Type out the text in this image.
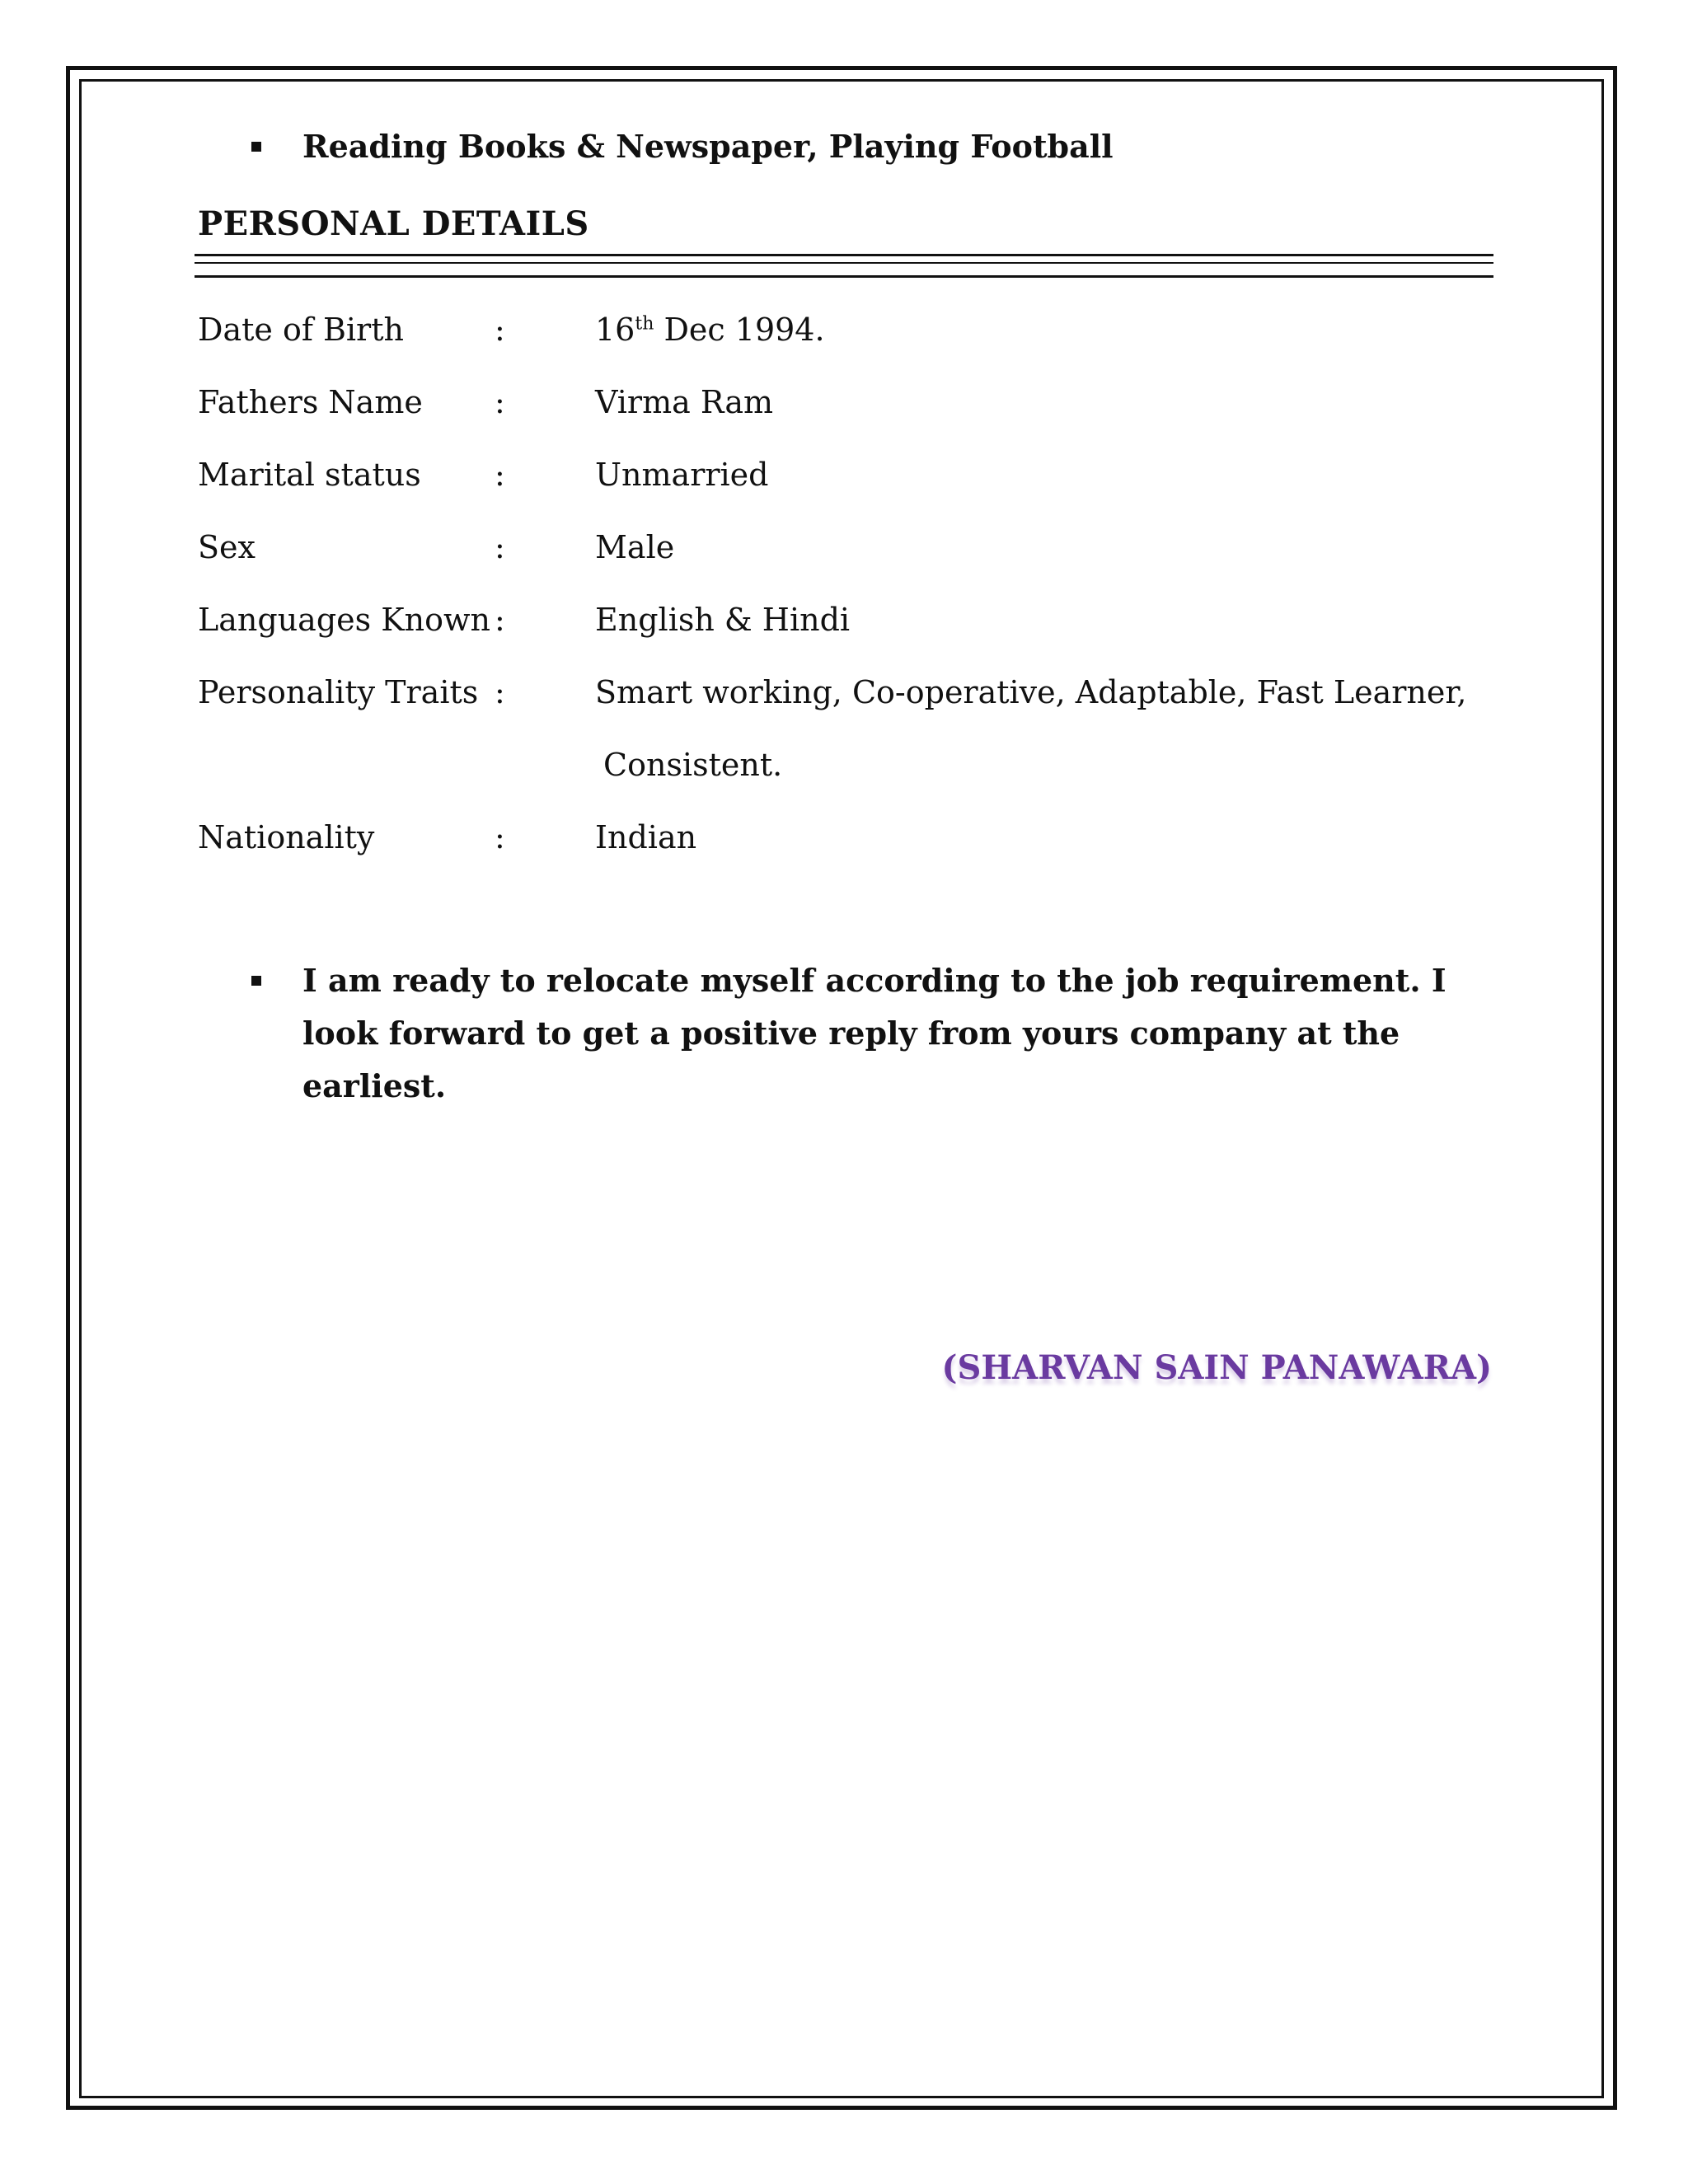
Reading Books & Newspaper, Playing Football
PERSONAL DETAILS
Date of Birth	:	16th Dec 1994.
Fathers Name	:	Virma Ram
Marital status	:	Unmarried
Sex	:	Male
Languages Known :	English & Hindi
Personality Traits :	Smart working, Co-operative, Adaptable, Fast Learner,
Consistent.
Nationality	:	Indian
I am ready to relocate myself according to the job requirement. I look forward to get a positive reply from yours company at the earliest.
(SHARVAN SAIN PANAWARA)
